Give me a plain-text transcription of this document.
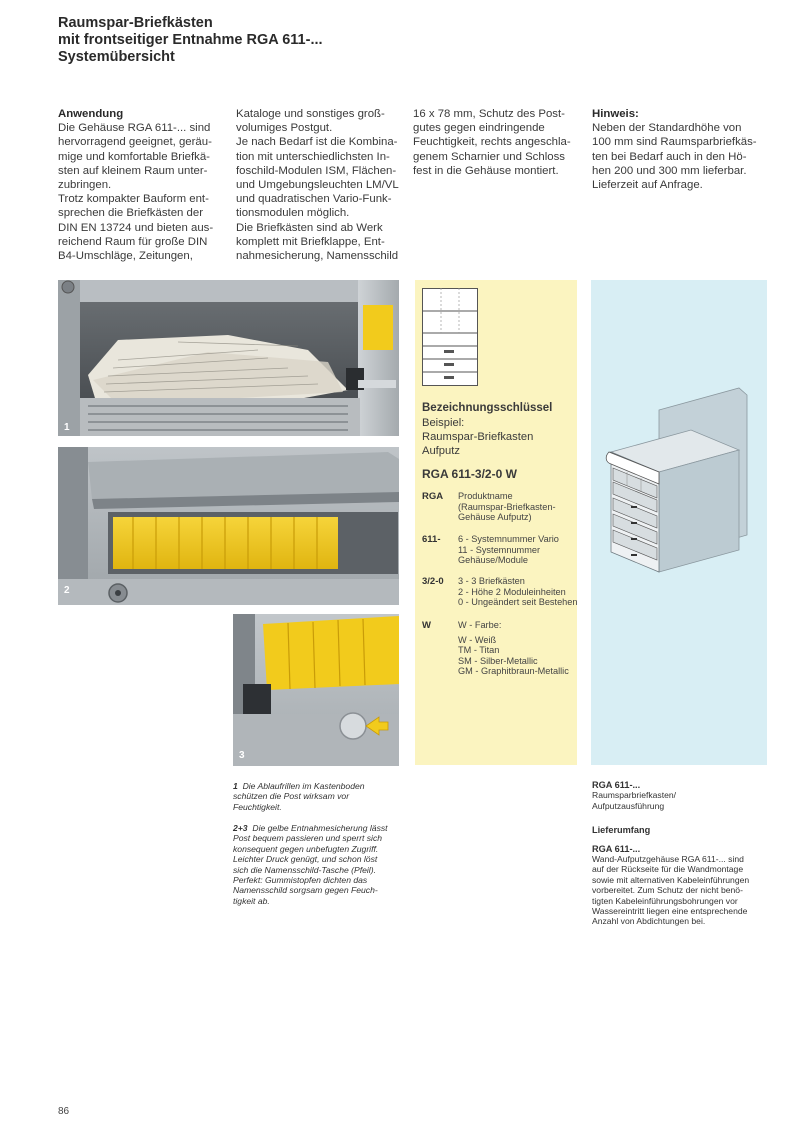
Raumspar-Briefkästen
mit frontseitiger Entnahme RGA 611-...
Systemübersicht
Anwendung
Die Gehäuse RGA 611-... sind
hervorragend geeignet, geräu-
mige und komfortable Briefkä-
sten auf kleinem Raum unter-
zubringen.
Trotz kompakter Bauform ent-
sprechen die Briefkästen der
DIN EN 13724 und bieten aus-
reichend Raum für große DIN
B4-Umschläge, Zeitungen,
Kataloge und sonstiges groß-
volumiges Postgut.
Je nach Bedarf ist die Kombina-
tion mit unterschiedlichsten In-
foschild-Modulen ISM, Flächen-
und Umgebungsleuchten LM/VL
und quadratischen Vario-Funk-
tionsmodulen möglich.
Die Briefkästen sind ab Werk
komplett mit Briefklappe, Ent-
nahmesicherung, Namensschild
16 x 78 mm, Schutz des Post-
gutes gegen eindringende
Feuchtigkeit, rechts angeschla-
genem Scharnier und Schloss
fest in die Gehäuse montiert.
Hinweis:
Neben der Standardhöhe von
100 mm sind Raumsparbriefkäs-
ten bei Bedarf auch in den Hö-
hen 200 und 300 mm lieferbar.
Lieferzeit auf Anfrage.
1
2
3
Bezeichnungsschlüssel
Beispiel:
Raumspar-Briefkasten
Aufputz
RGA 611-3/2-0 W
RGA Produktname
(Raumspar-Briefkasten-
Gehäuse Aufputz)
611- 6 - Systemnummer Vario
11 - Systemnummer
Gehäuse/Module
3/2-0 3 - 3 Briefkästen
2 - Höhe 2 Moduleinheiten
0 - Ungeändert seit Bestehen
W	W - Farbe:
W - Weiß
TM - Titan
SM - Silber-Metallic
GM - Graphitbraun-Metallic
1 Die Ablaufrillen im Kastenboden
schützen die Post wirksam vor
Feuchtigkeit.
2+3 Die gelbe Entnahmesicherung lässt
Post bequem passieren und sperrt sich
konsequent gegen unbefugten Zugriff.
Leichter Druck genügt, und schon löst
sich die Namensschild-Tasche (Pfeil).
Perfekt: Gummistopfen dichten das
Namensschild sorgsam gegen Feuch-
tigkeit ab.
RGA 611-...
Raumsparbriefkasten/
Aufputzausführung
Lieferumfang
RGA 611-...
Wand-Aufputzgehäuse RGA 611-... sind
auf der Rückseite für die Wandmontage
sowie mit alternativen Kabeleinführungen
vorbereitet. Zum Schutz der nicht benö-
tigten Kabeleinführungsbohrungen vor
Wassereintritt liegen eine entsprechende
Anzahl von Abdichtungen bei.
86
